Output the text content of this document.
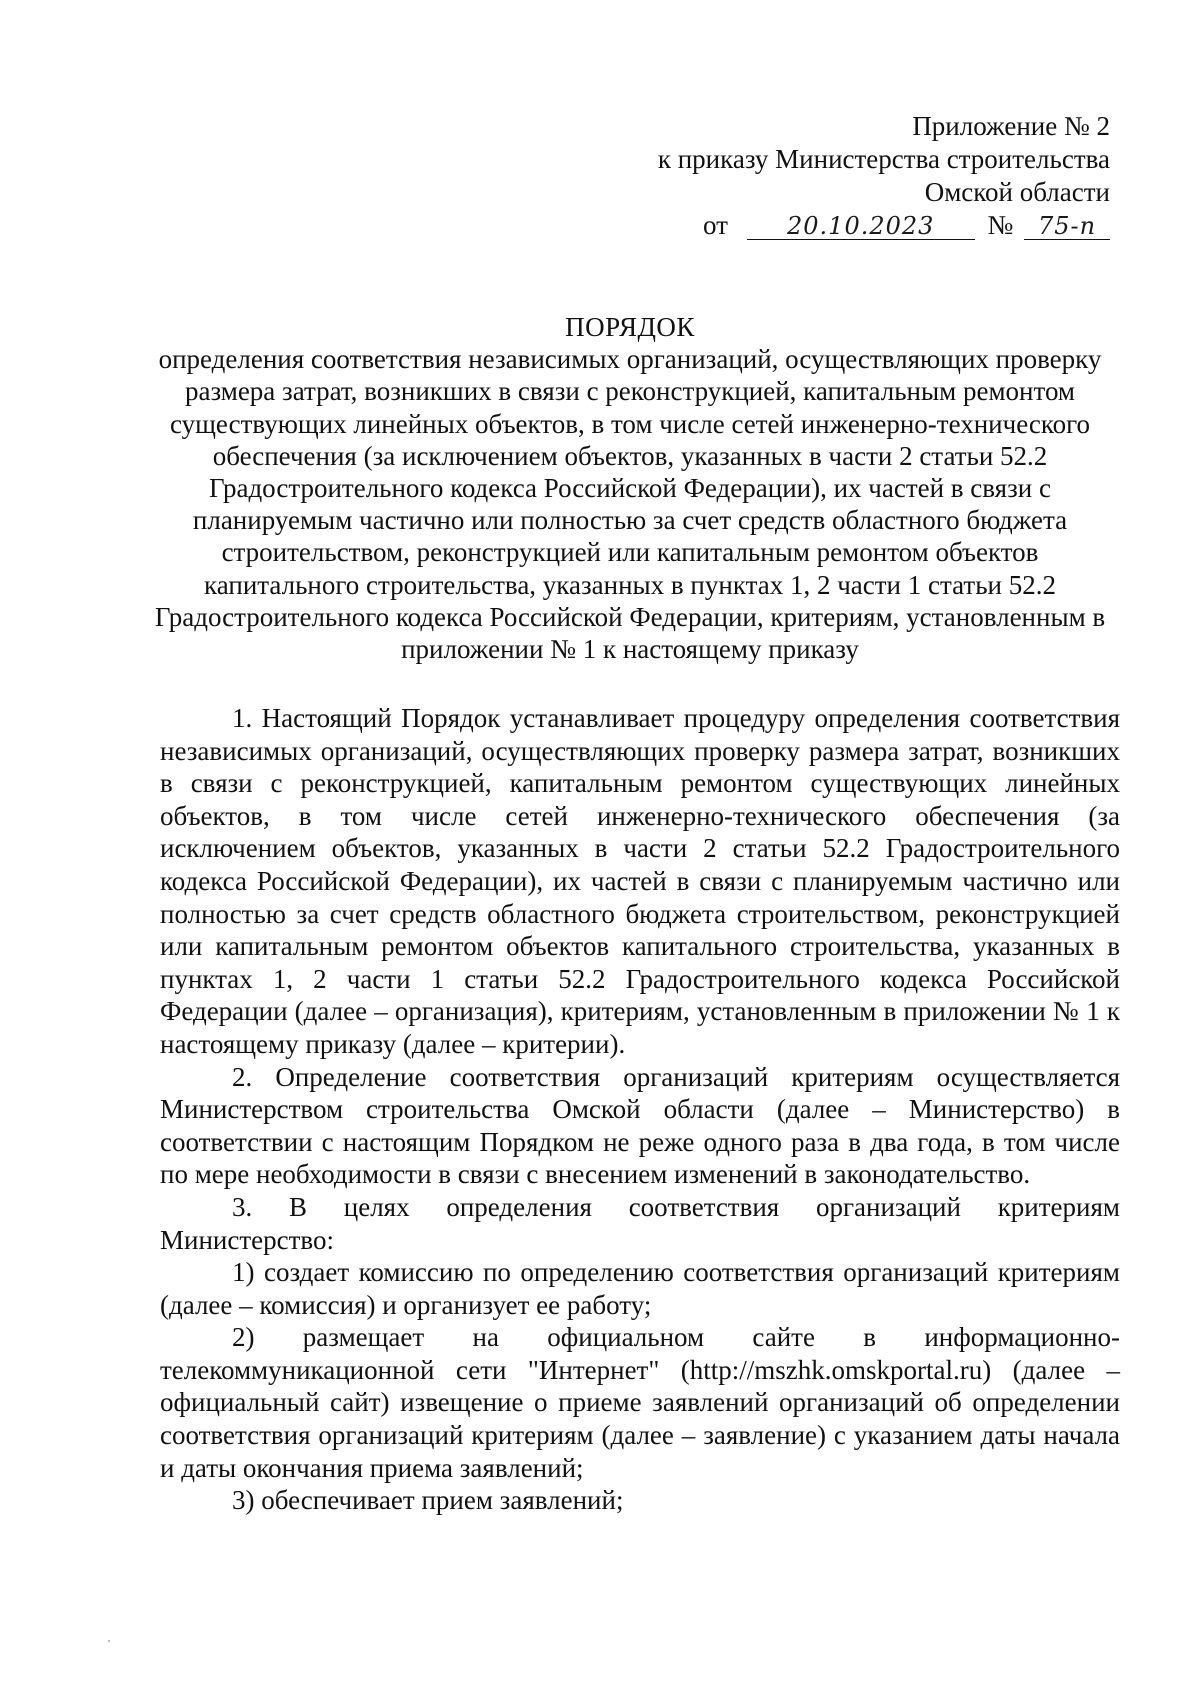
Приложение № 2
к приказу Министерства строительства
Омской области
от 20.10.2023 № 75-п
ПОРЯДОК
определения соответствия независимых организаций, осуществляющих проверку размера затрат, возникших в связи с реконструкцией, капитальным ремонтом существующих линейных объектов, в том числе сетей инженерно-технического обеспечения (за исключением объектов, указанных в части 2 статьи 52.2 Градостроительного кодекса Российской Федерации), их частей в связи с планируемым частично или полностью за счет средств областного бюджета строительством, реконструкцией или капитальным ремонтом объектов капитального строительства, указанных в пунктах 1, 2 части 1 статьи 52.2 Градостроительного кодекса Российской Федерации, критериям, установленным в приложении № 1 к настоящему приказу

1. Настоящий Порядок устанавливает процедуру определения соответствия независимых организаций, осуществляющих проверку размера затрат, возникших в связи с реконструкцией, капитальным ремонтом существующих линейных объектов, в том числе сетей инженерно-технического обеспечения (за исключением объектов, указанных в части 2 статьи 52.2 Градостроительного кодекса Российской Федерации), их частей в связи с планируемым частично или полностью за счет средств областного бюджета строительством, реконструкцией или капитальным ремонтом объектов капитального строительства, указанных в пунктах 1, 2 части 1 статьи 52.2 Градостроительного кодекса Российской Федерации (далее – организация), критериям, установленным в приложении № 1 к настоящему приказу (далее – критерии).

2. Определение соответствия организаций критериям осуществляется Министерством строительства Омской области (далее – Министерство) в соответствии с настоящим Порядком не реже одного раза в два года, в том числе по мере необходимости в связи с внесением изменений в законодательство.

3. В целях определения соответствия организаций критериям Министерство:

1) создает комиссию по определению соответствия организаций критериям (далее – комиссия) и организует ее работу;

2) размещает на официальном сайте в информационно-телекоммуникационной сети "Интернет" (http://mszhk.omskportal.ru) (далее – официальный сайт) извещение о приеме заявлений организаций об определении соответствия организаций критериям (далее – заявление) с указанием даты начала и даты окончания приема заявлений;

3) обеспечивает прием заявлений;
